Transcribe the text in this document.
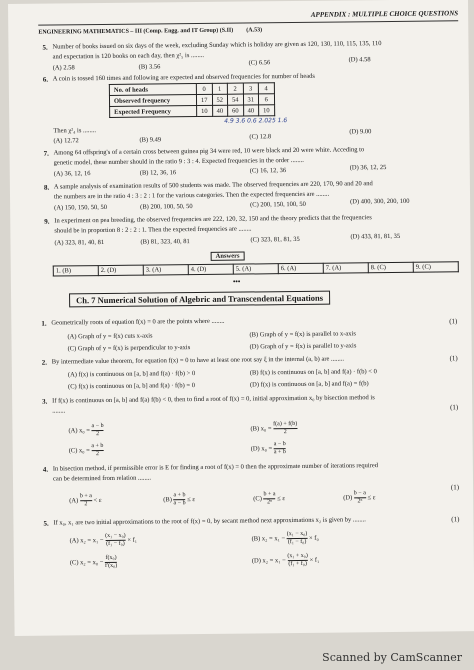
APPENDIX : MULTIPLE CHOICE QUESTIONS
ENGINEERING MATHEMATICS – III (Comp. Engg. and IT Group) (S.II) (A.53)
5. Number of books issued on six days of the week, excluding Sunday which is holiday are given as 120, 130, 110, 115, 135, 110
and expectation is 120 books on each day, then χ²₅ is ........
(A) 2.58	(B) 3.56
(C) 6.56	(D) 4.58
6. A coin is tossed 160 times and following are expected and observed frequencies for number of heads
No. of heads	0	1	2	3	4
Observed frequency	17	52	54	31	6
Expected Frequency	10	40	60	40	10
4.9 3.6 0.6 2.025 1.6
Then χ²₄ is ........
(A) 12.72	(B) 9.49	(C) 12.8
(D) 9.00
7. Among 64 offspring's of a certain cross between guinea pig 34 were red, 10 were black and 20 were white. Acceding to
genetic model, these number should in the ratio 9 : 3 : 4. Expected frequencies in the order ........
(A) 36, 12, 16	(B) 12, 36, 16	(C) 16, 12, 36	(D) 36, 12, 25
8. A sample analysis of examination results of 500 students was made. The observed frequencies are 220, 170, 90 and 20 and
the numbers are in the ratio 4 : 3 : 2 : 1 for the various categories. Then the expected frequencies are ........
(A) 150, 150, 50, 50	(B) 200, 100, 50, 50	(C) 200, 150, 100, 50	(D) 400, 300, 200, 100
9. In experiment on pea breeding, the observed frequencies are 222, 120, 32, 150 and the theory predicts that the frequencies
should be in proportion 8 : 2 : 2 : 1. Then the expected frequencies are ........
(A) 323, 81, 40, 81	(B) 81, 323, 40, 81	(C) 323, 81, 81, 35	(D) 433, 81, 81, 35
Answers
1. (B)	2. (D)	3. (A)	4. (D)	5. (A)	6. (A)	7. (A)	8. (C)	9. (C)
•••
Ch. 7 Numerical Solution of Algebric and Transcendental Equations
1. Geometrically roots of equation f(x) = 0 are the points where ........	(1)
(A) Graph of y = f(x) cuts x-axis	(B) Graph of y = f(x) is parallel to x-axis
(C) Graph of y = f(x) is perpendicular to y-axis	(D) Graph of y = f(x) is parallel to y-axis
2. By intermediate value theorem, for equation f(x) = 0 to have at least one root say ξ in the internal (a, b) are ........	(1)
(A) f(x) is continuous on [a, b] and f(a) · f(b) > 0	(B) f(x) is continuous on [a, b] and f(a) · f(b) < 0
(C) f(x) is continuous on [a, b] and f(a) · f(b) = 0	(D) f(x) is continuous on [a, b] and f(a) = f(b)
3. If f(x) is continuous on [a, b] and f(a) f(b) < 0, then to find a root of f(x) = 0, initial approximation x₀ by bisection method is
........	(1)
(A) $x_0 = \frac{a - b}{2}$	(B) $x_0 = \frac{f(a) + f(b)}{2}$
(C) $x_0 = \frac{a + b}{2}$	(D) $x_0 = \frac{a - b}{a + b}$
4. In bisection method, if permissible error is E for finding a root of f(x) = 0 then the approximate number of iterations required
can be determined from relation ........
(1)
$(A) \frac{b + a}{2} < \varepsilon$	$(B) \frac{a + b}{a - b} \le \varepsilon$	$(C) \frac{b + a}{\text{2ⁿ}} \le \varepsilon$	$(D) \frac{b - a}{\text{2ⁿ}} \le \varepsilon$
5. If x₀, x₁ are two initial approximations to the root of f(x) = 0, by secant method next approximations x₂ is given by ........	(1)
(A) $x_2 = x_1 - \frac{\text{(x₁ − x₀)}}{\text{(f₁ − f₀)}} \times f_1$	(B) $x_2 = x_1 - \frac{\text{(x₁ − x₀)}}{\text{(f₁ − f₀)}} \times f_0$
(C) $x_2 = x_0 - \frac{\text{f(x₀)}}{\text{f'(x₀)}}$	(D) $x_2 = x_1 - \frac{\text{(x₁ + x₀)}}{\text{(f₁ + f₀)}} \times f_1$
Scanned by CamScanner
